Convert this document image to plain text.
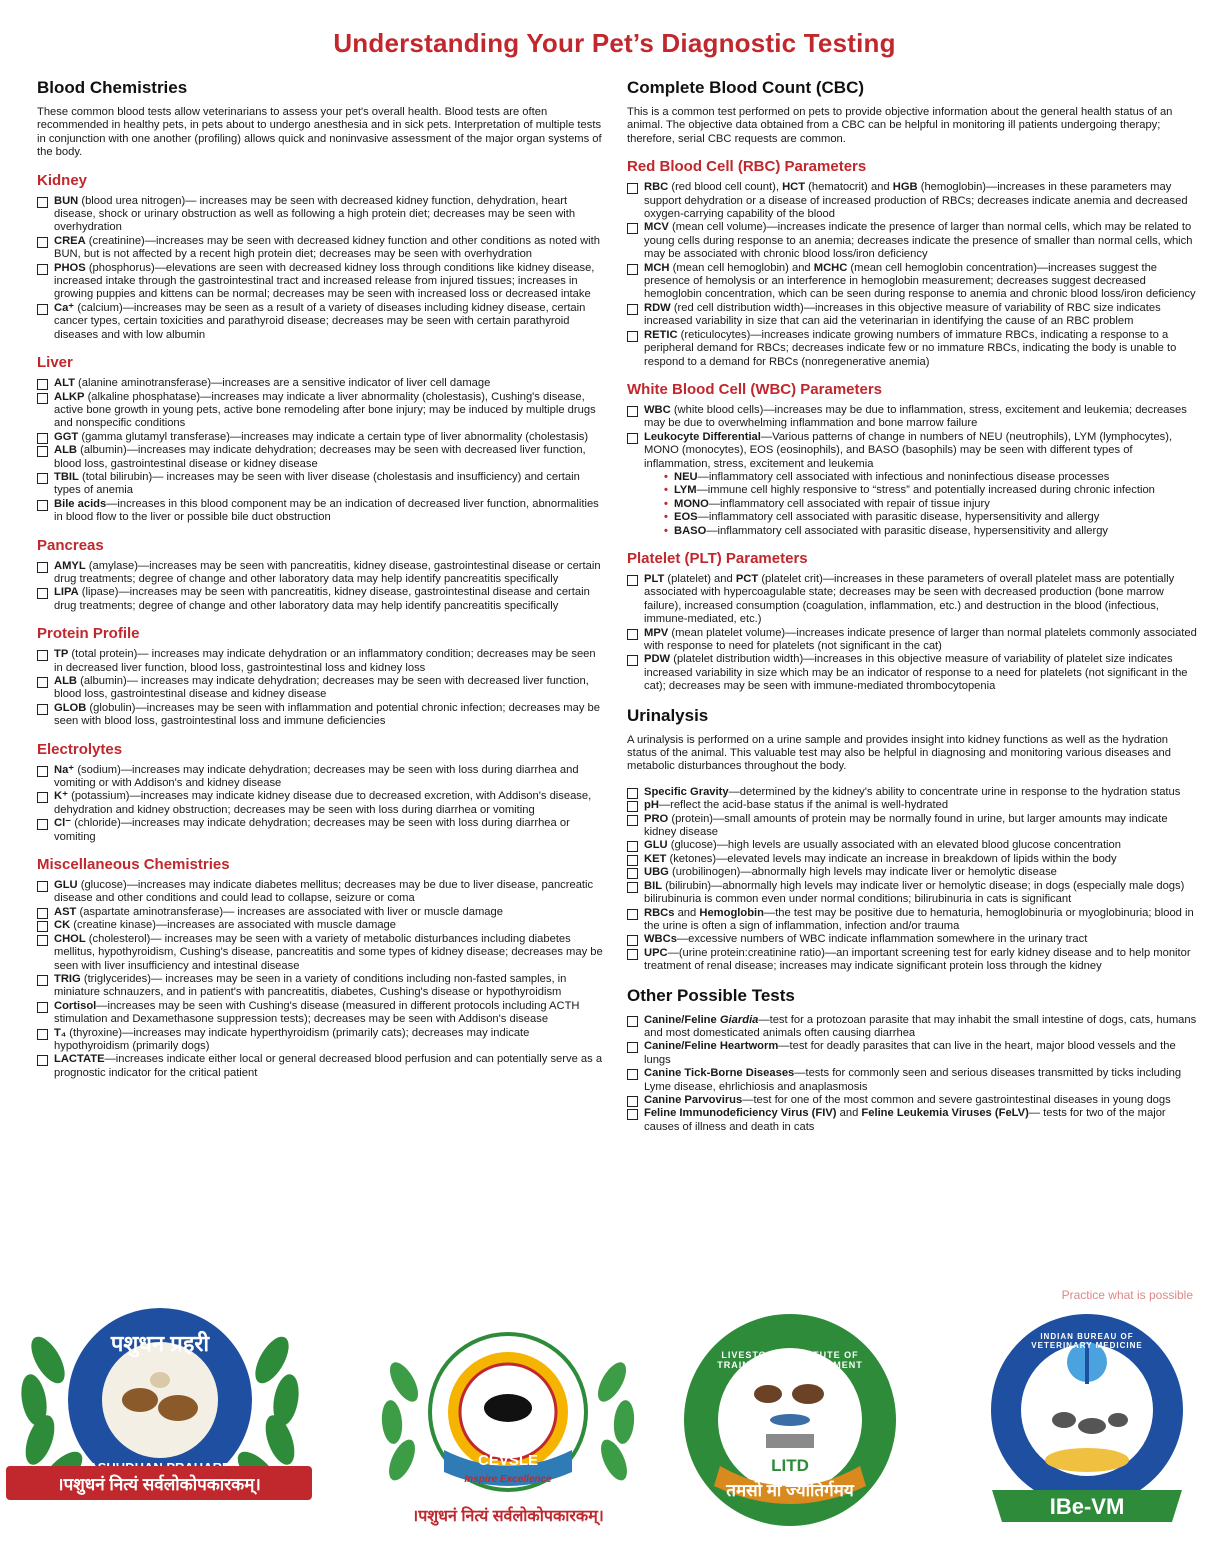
Understanding Your Pet’s Diagnostic Testing
Blood Chemistries

These common blood tests allow veterinarians to assess your pet's overall health. Blood tests are often recommended in healthy pets, in pets about to undergo anesthesia and in sick pets. Interpretation of multiple tests in conjunction with one another (profiling) allows quick and noninvasive assessment of the major organ systems of the body.

Kidney
BUN (blood urea nitrogen)— increases may be seen with decreased kidney function, dehydration, heart disease, shock or urinary obstruction as well as following a high protein diet; decreases may be seen with overhydration
CREA (creatinine)—increases may be seen with decreased kidney function and other conditions as noted with BUN, but is not affected by a recent high protein diet; decreases may be seen with overhydration
PHOS (phosphorus)—elevations are seen with decreased kidney loss through conditions like kidney disease, increased intake through the gastrointestinal tract and increased release from injured tissues; increases in growing puppies and kittens can be normal; decreases may be seen with increased loss or decreased intake
Ca⁺ (calcium)—increases may be seen as a result of a variety of diseases including kidney disease, certain cancer types, certain toxicities and parathyroid disease; decreases may be seen with certain parathyroid diseases and with low albumin
Liver
ALT (alanine aminotransferase)—increases are a sensitive indicator of liver cell damage
ALKP (alkaline phosphatase)—increases may indicate a liver abnormality (cholestasis), Cushing's disease, active bone growth in young pets, active bone remodeling after bone injury; may be induced by multiple drugs and nonspecific conditions
GGT (gamma glutamyl transferase)—increases may indicate a certain type of liver abnormality (cholestasis)
ALB (albumin)—increases may indicate dehydration; decreases may be seen with decreased liver function, blood loss, gastrointestinal disease or kidney disease
TBIL (total bilirubin)— increases may be seen with liver disease (cholestasis and insufficiency) and certain types of anemia
Bile acids—increases in this blood component may be an indication of decreased liver function, abnormalities in blood flow to the liver or possible bile duct obstruction
Pancreas
AMYL (amylase)—increases may be seen with pancreatitis, kidney disease, gastrointestinal disease or certain drug treatments; degree of change and other laboratory data may help identify pancreatitis specifically
LIPA (lipase)—increases may be seen with pancreatitis, kidney disease, gastrointestinal disease and certain drug treatments; degree of change and other laboratory data may help identify pancreatitis specifically
Protein Profile
TP (total protein)— increases may indicate dehydration or an inflammatory condition; decreases may be seen in decreased liver function, blood loss, gastrointestinal loss and kidney loss
ALB (albumin)— increases may indicate dehydration; decreases may be seen with decreased liver function, blood loss, gastrointestinal disease and kidney disease
GLOB (globulin)—increases may be seen with inflammation and potential chronic infection; decreases may be seen with blood loss, gastrointestinal loss and immune deficiencies
Electrolytes
Na⁺ (sodium)—increases may indicate dehydration; decreases may be seen with loss during diarrhea and vomiting or with Addison's and kidney disease
K⁺ (potassium)—increases may indicate kidney disease due to decreased excretion, with Addison's disease, dehydration and kidney obstruction; decreases may be seen with loss during diarrhea or vomiting
Cl⁻ (chloride)—increases may indicate dehydration; decreases may be seen with loss during diarrhea or vomiting
Miscellaneous Chemistries
GLU (glucose)—increases may indicate diabetes mellitus; decreases may be due to liver disease, pancreatic disease and other conditions and could lead to collapse, seizure or coma
AST (aspartate aminotransferase)— increases are associated with liver or muscle damage
CK (creatine kinase)—increases are associated with muscle damage
CHOL (cholesterol)— increases may be seen with a variety of metabolic disturbances including diabetes mellitus, hypothyroidism, Cushing's disease, pancreatitis and some types of kidney disease; decreases may be seen with liver insufficiency and intestinal disease
TRIG (triglycerides)— increases may be seen in a variety of conditions including non-fasted samples, in miniature schnauzers, and in patient's with pancreatitis, diabetes, Cushing's disease or hypothyroidism
Cortisol—increases may be seen with Cushing's disease (measured in different protocols including ACTH stimulation and Dexamethasone suppression tests); decreases may be seen with Addison's disease
T₄ (thyroxine)—increases may indicate hyperthyroidism (primarily cats); decreases may indicate hypothyroidism (primarily dogs)
LACTATE—increases indicate either local or general decreased blood perfusion and can potentially serve as a prognostic indicator for the critical patient
Complete Blood Count (CBC)

This is a common test performed on pets to provide objective information about the general health status of an animal. The objective data obtained from a CBC can be helpful in monitoring ill patients undergoing therapy; therefore, serial CBC requests are common.

Red Blood Cell (RBC) Parameters
RBC (red blood cell count), HCT (hematocrit) and HGB (hemoglobin)—increases in these parameters may support dehydration or a disease of increased production of RBCs; decreases indicate anemia and decreased oxygen-carrying capability of the blood
MCV (mean cell volume)—increases indicate the presence of larger than normal cells, which may be related to young cells during response to an anemia; decreases indicate the presence of smaller than normal cells, which may be associated with chronic blood loss/iron deficiency
MCH (mean cell hemoglobin) and MCHC (mean cell hemoglobin concentration)—increases suggest the presence of hemolysis or an interference in hemoglobin measurement; decreases suggest decreased hemoglobin concentration, which can be seen during response to anemia and chronic blood loss/iron deficiency
RDW (red cell distribution width)—increases in this objective measure of variability of RBC size indicates increased variability in size that can aid the veterinarian in identifying the cause of an RBC problem
RETIC (reticulocytes)—increases indicate growing numbers of immature RBCs, indicating a response to a peripheral demand for RBCs; decreases indicate few or no immature RBCs, indicating the body is unable to respond to a demand for RBCs (nonregenerative anemia)
White Blood Cell (WBC) Parameters
WBC (white blood cells)—increases may be due to inflammation, stress, excitement and leukemia; decreases may be due to overwhelming inflammation and bone marrow failure
Leukocyte Differential—Various patterns of change in numbers of NEU (neutrophils), LYM (lymphocytes), MONO (monocytes), EOS (eosinophils), and BASO (basophils) may be seen with different types of inflammation, stress, excitement and leukemia
• NEU—inflammatory cell associated with infectious and noninfectious disease processes
• LYM—immune cell highly responsive to “stress” and potentially increased during chronic infection
• MONO—inflammatory cell associated with repair of tissue injury
• EOS—inflammatory cell associated with parasitic disease, hypersensitivity and allergy
• BASO—inflammatory cell associated with parasitic disease, hypersensitivity and allergy
Platelet (PLT) Parameters
PLT (platelet) and PCT (platelet crit)—increases in these parameters of overall platelet mass are potentially associated with hypercoagulable state; decreases may be seen with decreased production (bone marrow failure), increased consumption (coagulation, inflammation, etc.) and destruction in the blood (infectious, immune-mediated, etc.)
MPV (mean platelet volume)—increases indicate presence of larger than normal platelets commonly associated with response to need for platelets (not significant in the cat)
PDW (platelet distribution width)—increases in this objective measure of variability of platelet size indicates increased variability in size which may be an indicator of response to a need for platelets (not significant in the cat); decreases may be seen with immune-mediated thrombocytopenia
Urinalysis

A urinalysis is performed on a urine sample and provides insight into kidney functions as well as the hydration status of the animal. This valuable test may also be helpful in diagnosing and monitoring various diseases and metabolic disturbances throughout the body.

Specific Gravity—determined by the kidney's ability to concentrate urine in response to the hydration status
pH—reflect the acid-base status if the animal is well-hydrated
PRO (protein)—small amounts of protein may be normally found in urine, but larger amounts may indicate kidney disease
GLU (glucose)—high levels are usually associated with an elevated blood glucose concentration
KET (ketones)—elevated levels may indicate an increase in breakdown of lipids within the body
UBG (urobilinogen)—abnormally high levels may indicate liver or hemolytic disease
BIL (bilirubin)—abnormally high levels may indicate liver or hemolytic disease; in dogs (especially male dogs) bilirubinuria is common even under normal conditions; bilirubinuria in cats is significant
RBCs and Hemoglobin—the test may be positive due to hematuria, hemoglobinuria or myoglobinuria; blood in the urine is often a sign of inflammation, infection and/or trauma
WBCs—excessive numbers of WBC indicate inflammation somewhere in the urinary tract
UPC—(urine protein:creatinine ratio)—an important screening test for early kidney disease and to help monitor treatment of renal disease; increases may indicate significant protein loss through the kidney
Other Possible Tests
Canine/Feline Giardia—test for a protozoan parasite that may inhabit the small intestine of dogs, cats, humans and most domesticated animals often causing diarrhea
Canine/Feline Heartworm—test for deadly parasites that can live in the heart, major blood vessels and the lungs
Canine Tick-Borne Diseases—tests for commonly seen and serious diseases transmitted by ticks including Lyme disease, ehrlichiosis and anaplasmosis
Canine Parvovirus—test for one of the most common and severe gastrointestinal diseases in young dogs
Feline Immunodeficiency Virus (FIV) and Feline Leukemia Viruses (FeLV)— tests for two of the major causes of illness and death in cats
Practice what is possible
पशुधन प्रहरी
।पशुधनं नित्यं सर्वलोकोपकारकम्।
CEVSLE
Inspire Excellence
।पशुधनं नित्यं सर्वलोकोपकारकम्।
LIVESTOCK INSTITUTE OF TRAINING & DEVELOPMENT
LITD
तमसो मा ज्योतिर्गमय
INDIAN BUREAU OF VETERINARY MEDICINE
IBe-VM
